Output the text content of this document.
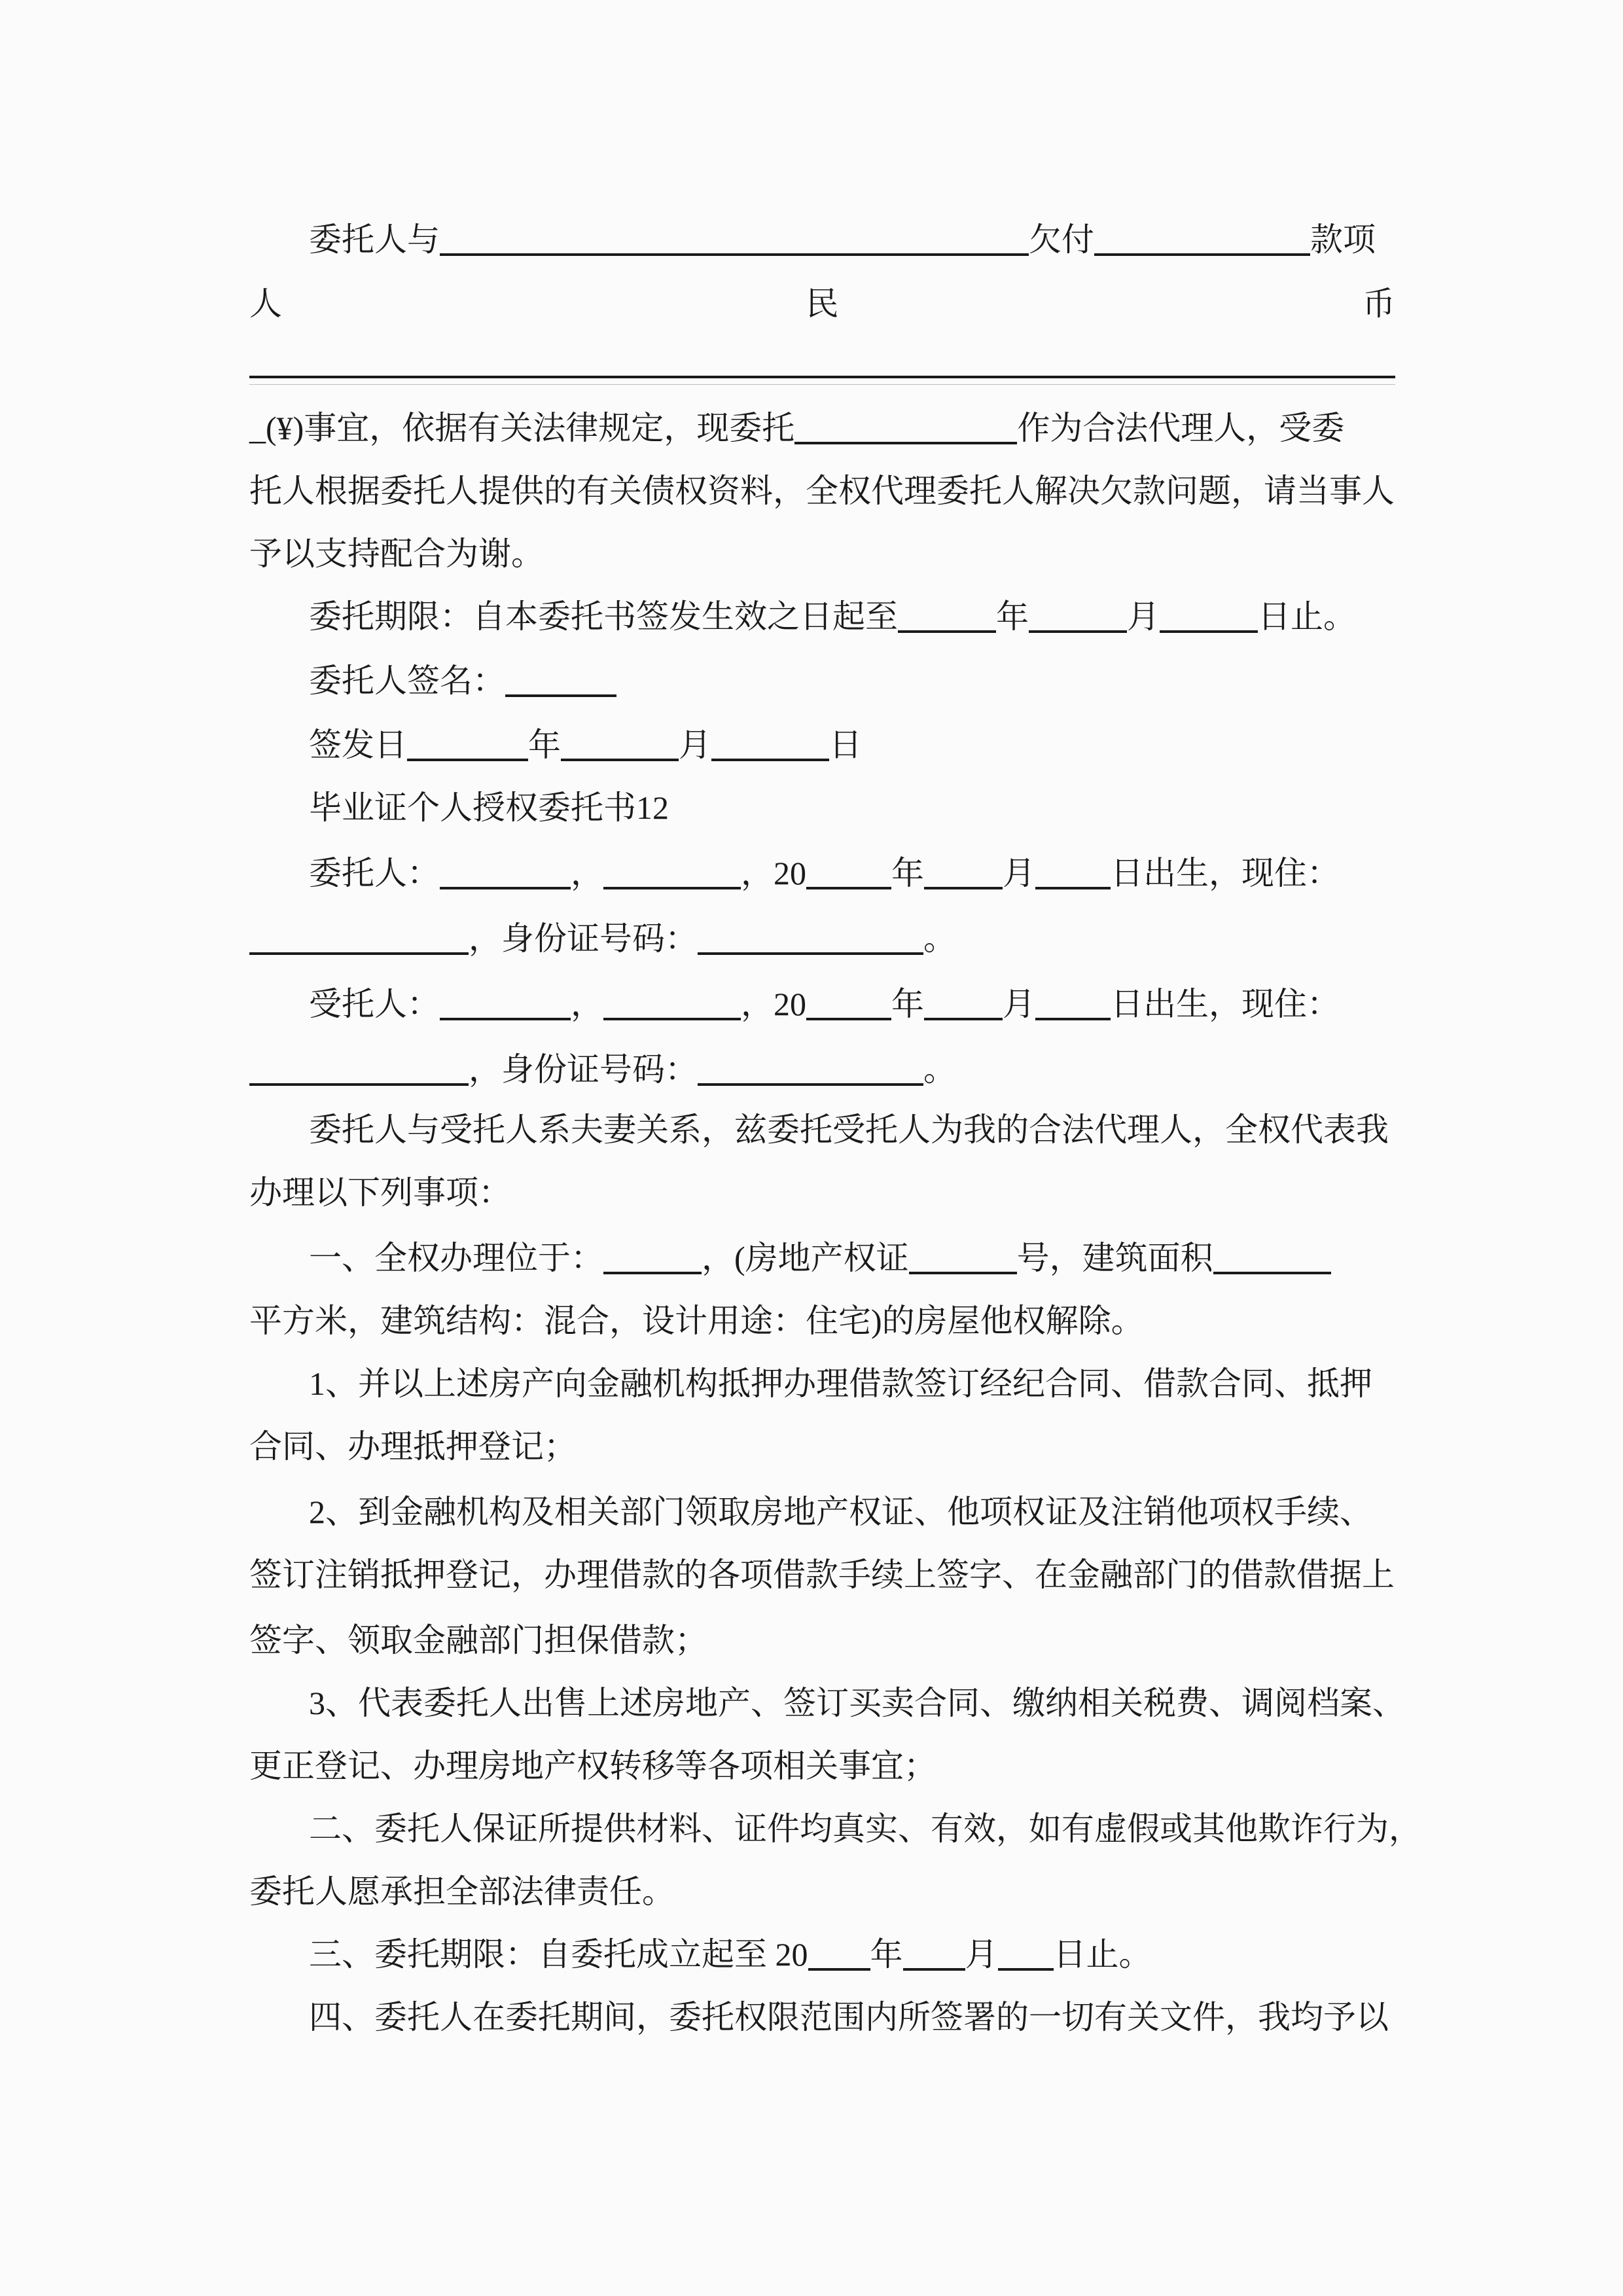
委托人与	欠付	款项
人	民	币
_(¥)事宜，依据有关法律规定，现委托	作为合法代理人，受委
托人根据委托人提供的有关债权资料，全权代理委托人解决欠款问题，请当事人
予以支持配合为谢。
委托期限：自本委托书签发生效之日起至	年	月	日止。
委托人签名：
签发日	年	月	日
毕业证个人授权委托书12
委托人：	，	，20	年 月 日出生，现住：
，身份证号码：	。
受托人：	，	，20	年 月 日出生，现住：
，身份证号码：	。
委托人与受托人系夫妻关系，兹委托受托人为我的合法代理人，全权代表我
办理以下列事项：
一、全权办理位于：	，(房地产权证	号，建筑面积
平方米，建筑结构：混合，设计用途：住宅)的房屋他权解除。
1、并以上述房产向金融机构抵押办理借款签订经纪合同、借款合同、抵押
合同、办理抵押登记；
2、到金融机构及相关部门领取房地产权证、他项权证及注销他项权手续、
签订注销抵押登记，办理借款的各项借款手续上签字、在金融部门的借款借据上
签字、领取金融部门担保借款；
3、代表委托人出售上述房地产、签订买卖合同、缴纳相关税费、调阅档案、
更正登记、办理房地产权转移等各项相关事宜；
二、委托人保证所提供材料、证件均真实、有效，如有虚假或其他欺诈行为，
委托人愿承担全部法律责任。
三、委托期限：自委托成立起至 20 年 月 日止。
四、委托人在委托期间，委托权限范围内所签署的一切有关文件，我均予以
